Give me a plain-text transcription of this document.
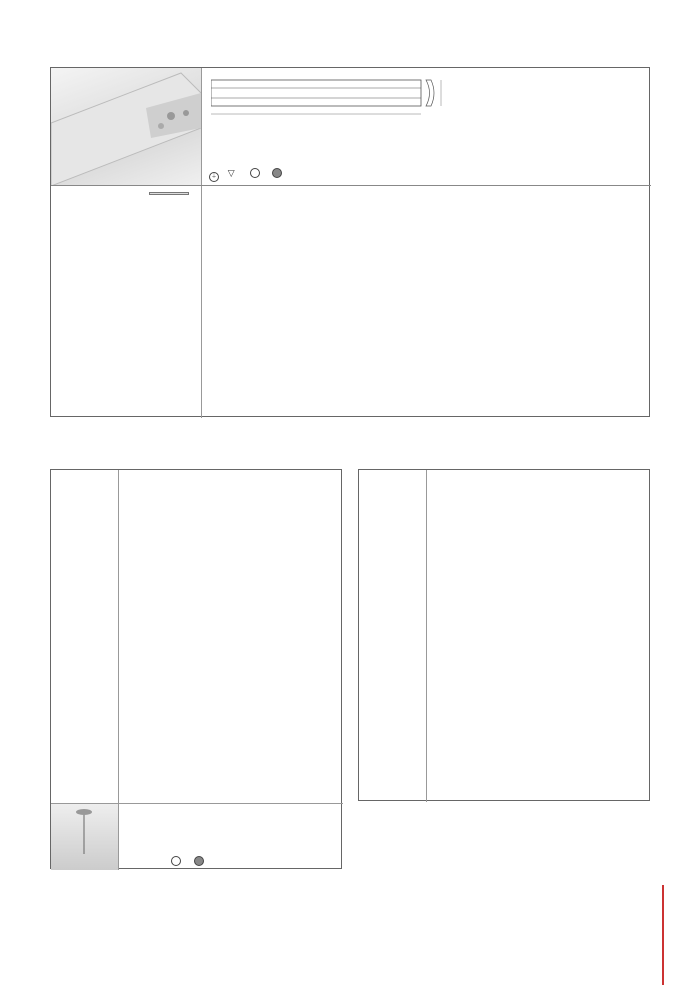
⏚ ▽
